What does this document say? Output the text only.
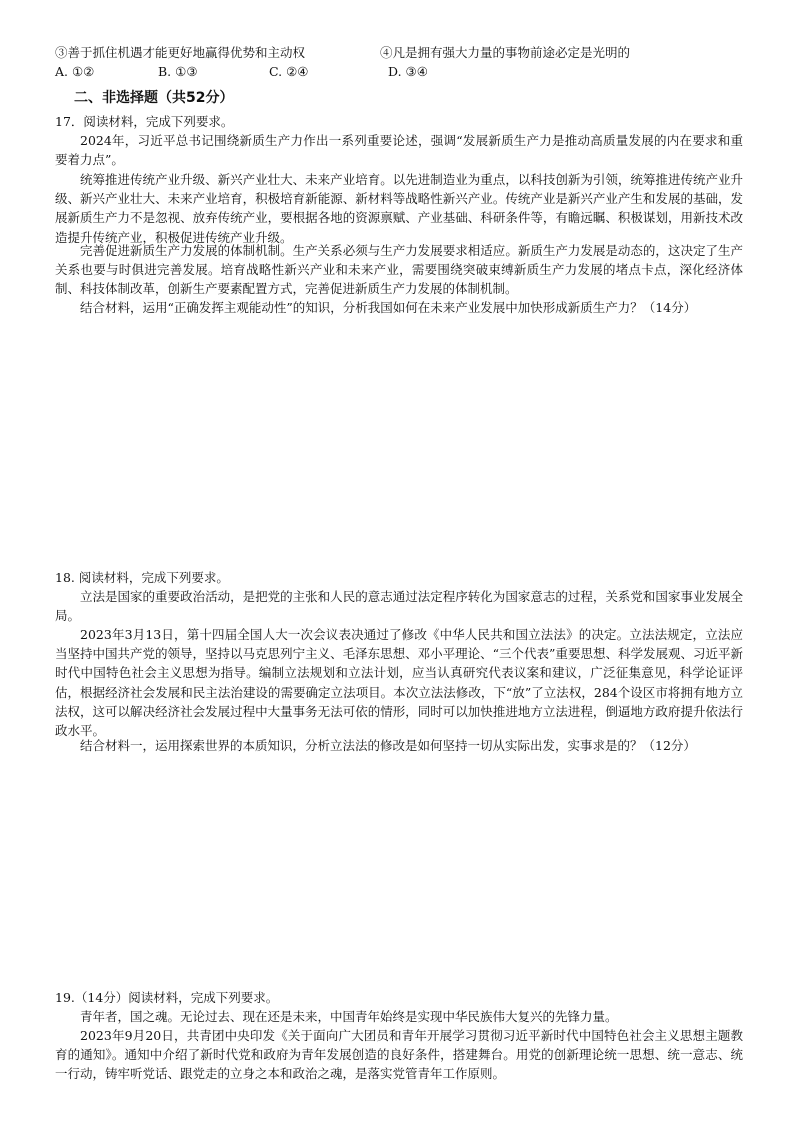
③善于抓住机遇才能更好地赢得优势和主动权	④凡是拥有强大力量的事物前途必定是光明的
A. ①②	B. ①③	C. ②④	D. ③④
二、非选择题（共52分）
17．阅读材料，完成下列要求。
2024年，习近平总书记围绕新质生产力作出一系列重要论述，强调“发展新质生产力是推动高质量发展的内在要求和重要着力点”。
统筹推进传统产业升级、新兴产业壮大、未来产业培育。以先进制造业为重点，以科技创新为引领，统筹推进传统产业升级、新兴产业壮大、未来产业培育，积极培育新能源、新材料等战略性新兴产业。传统产业是新兴产业产生和发展的基础，发展新质生产力不是忽视、放弃传统产业，要根据各地的资源禀赋、产业基础、科研条件等，有瞻远瞩、积极谋划，用新技术改造提升传统产业，积极促进传统产业升级。
完善促进新质生产力发展的体制机制。生产关系必须与生产力发展要求相适应。新质生产力发展是动态的，这决定了生产关系也要与时俱进完善发展。培育战略性新兴产业和未来产业，需要围绕突破束缚新质生产力发展的堵点卡点，深化经济体制、科技体制改革，创新生产要素配置方式，完善促进新质生产力发展的体制机制。
结合材料，运用“正确发挥主观能动性”的知识，分析我国如何在未来产业发展中加快形成新质生产力？（14分）
18. 阅读材料，完成下列要求。
立法是国家的重要政治活动，是把党的主张和人民的意志通过法定程序转化为国家意志的过程，关系党和国家事业发展全局。
2023年3月13日，第十四届全国人大一次会议表决通过了修改《中华人民共和国立法法》的决定。立法法规定，立法应当坚持中国共产党的领导，坚持以马克思列宁主义、毛泽东思想、邓小平理论、“三个代表”重要思想、科学发展观、习近平新时代中国特色社会主义思想为指导。编制立法规划和立法计划，应当认真研究代表议案和建议，广泛征集意见，科学论证评估，根据经济社会发展和民主法治建设的需要确定立法项目。本次立法法修改，下“放”了立法权，284个设区市将拥有地方立法权，这可以解决经济社会发展过程中大量事务无法可依的情形，同时可以加快推进地方立法进程，倒逼地方政府提升依法行政水平。
结合材料一，运用探索世界的本质知识，分析立法法的修改是如何坚持一切从实际出发，实事求是的？（12分）
19.（14分）阅读材料，完成下列要求。
青年者，国之魂。无论过去、现在还是未来，中国青年始终是实现中华民族伟大复兴的先锋力量。
2023年9月20日，共青团中央印发《关于面向广大团员和青年开展学习贯彻习近平新时代中国特色社会主义思想主题教育的通知》。通知中介绍了新时代党和政府为青年发展创造的良好条件，搭建舞台。用党的创新理论统一思想、统一意志、统一行动，铸牢听党话、跟党走的立身之本和政治之魂，是落实党管青年工作原则。
